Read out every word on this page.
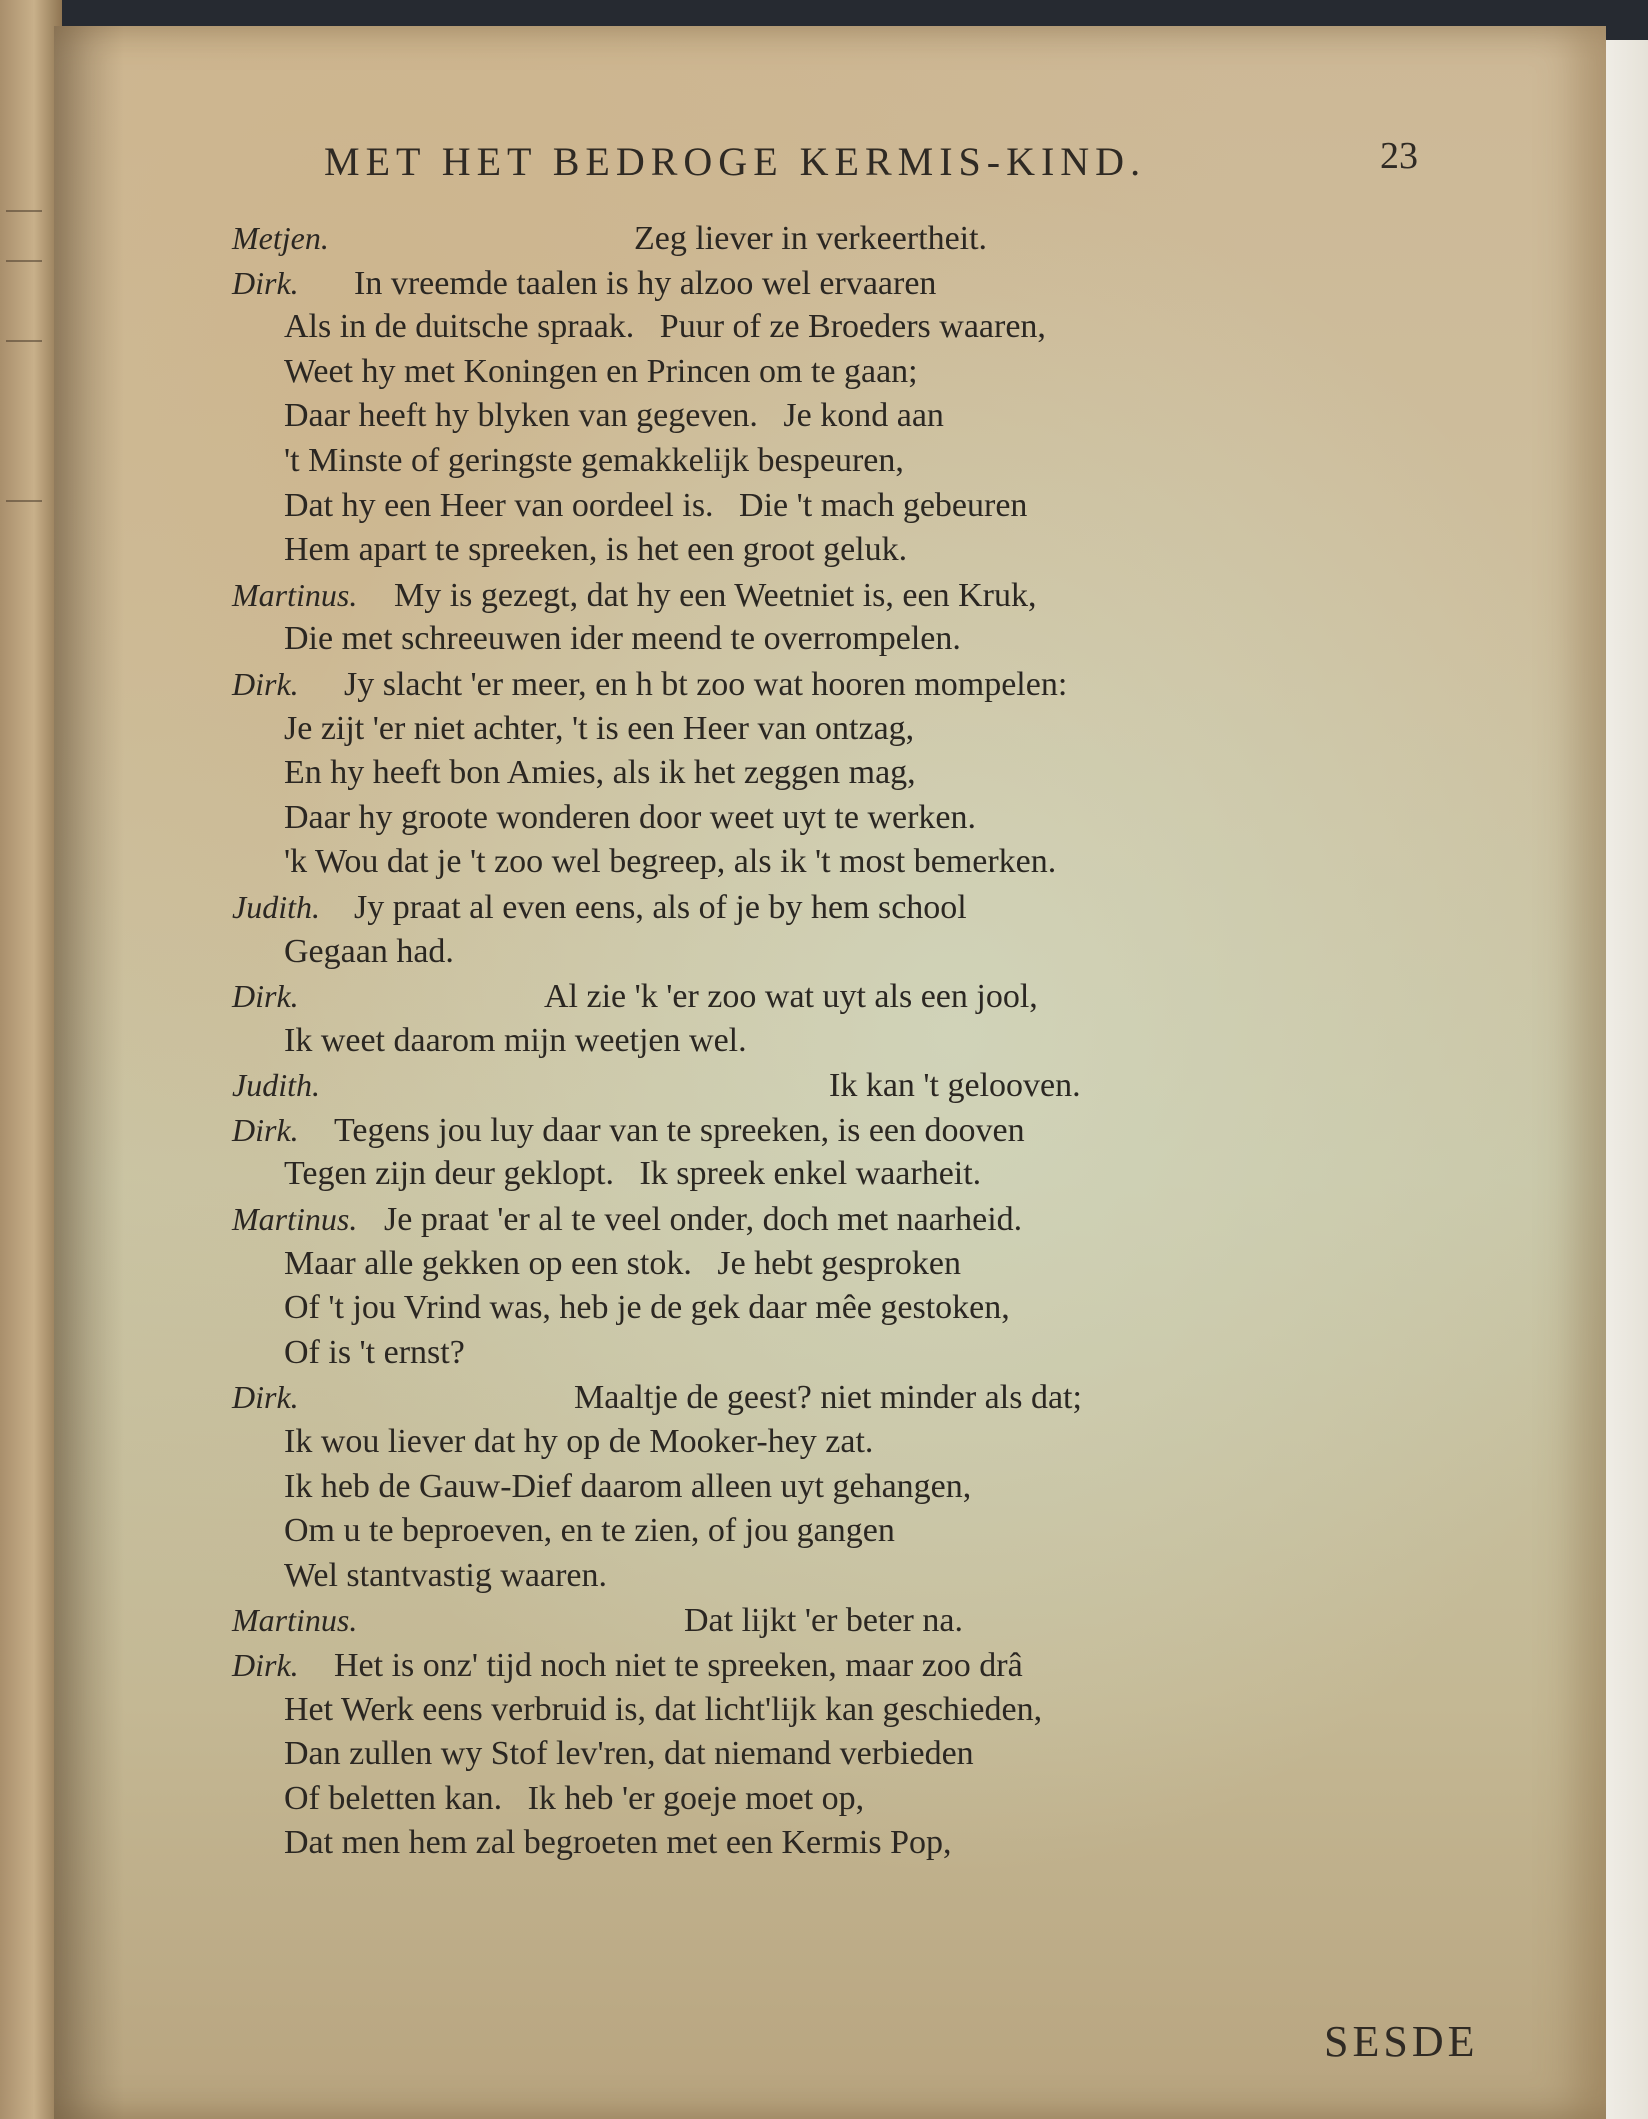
MET HET BEDROGE KERMIS-KIND.	23
Metjen.	Zeg liever in verkeertheit.
Dirk. In vreemde taalen is hy alzoo wel ervaaren
Als in de duitsche spraak.   Puur of ze Broeders waaren,
Weet hy met Koningen en Princen om te gaan;
Daar heeft hy blyken van gegeven.   Je kond aan
't Minste of geringste gemakkelijk bespeuren,
Dat hy een Heer van oordeel is.   Die 't mach gebeuren
Hem apart te spreeken, is het een groot geluk.
Martinus. My is gezegt, dat hy een Weetniet is, een Kruk,
Die met schreeuwen ider meend te overrompelen.
Dirk. Jy slacht 'er meer, en h bt zoo wat hooren mompelen:
Je zijt 'er niet achter, 't is een Heer van ontzag,
En hy heeft bon Amies, als ik het zeggen mag,
Daar hy groote wonderen door weet uyt te werken.
'k Wou dat je 't zoo wel begreep, als ik 't most bemerken.
Judith. Jy praat al even eens, als of je by hem school
Gegaan had.
Dirk.	Al zie 'k 'er zoo wat uyt als een jool,
Ik weet daarom mijn weetjen wel.
Judith.	Ik kan 't gelooven.
Dirk. Tegens jou luy daar van te spreeken, is een dooven
Tegen zijn deur geklopt.   Ik spreek enkel waarheit.
Martinus. Je praat 'er al te veel onder, doch met naarheid.
Maar alle gekken op een stok.   Je hebt gesproken
Of 't jou Vrind was, heb je de gek daar mêe gestoken,
Of is 't ernst?
Dirk.	Maaltje de geest? niet minder als dat;
Ik wou liever dat hy op de Mooker-hey zat.
Ik heb de Gauw-Dief daarom alleen uyt gehangen,
Om u te beproeven, en te zien, of jou gangen
Wel stantvastig waaren.
Martinus.	Dat lijkt 'er beter na.
Dirk. Het is onz' tijd noch niet te spreeken, maar zoo drâ
Het Werk eens verbruid is, dat licht'lijk kan geschieden,
Dan zullen wy Stof lev'ren, dat niemand verbieden
Of beletten kan.   Ik heb 'er goeje moet op,
Dat men hem zal begroeten met een Kermis Pop,
SESDE
